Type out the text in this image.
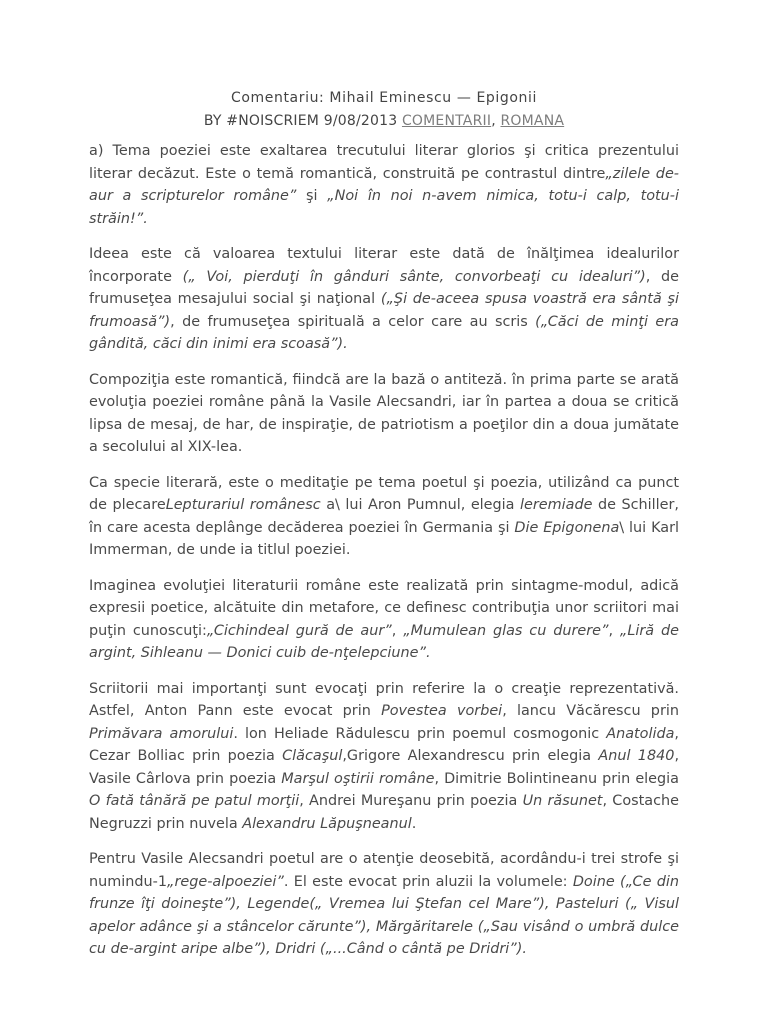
Comentariu: Mihail Eminescu — Epigonii
BY #NOISCRIEM 9/08/2013 COMENTARII, ROMANA

a) Tema poeziei este exaltarea trecutului literar glorios şi critica prezentului literar decăzut. Este o temă romantică, construită pe contrastul dintre„zilele de-aur a scripturelor române” şi „Noi în noi n-avem nimica, totu-i calp, totu-i străin!”.

Ideea este că valoarea textului literar este dată de înălţimea idealurilor încorporate („ Voi, pierduţi în gânduri sânte, convorbeaţi cu idealuri”), de frumuseţea mesajului social şi naţional („Şi de-aceea spusa voastră era sântă şi frumoasă”), de frumuseţea spirituală a celor care au scris („Căci de minţi era gândită, căci din inimi era scoasă”).

Compoziţia este romantică, fiindcă are la bază o antiteză. în prima parte se arată evoluţia poeziei române până la Vasile Alecsandri, iar în partea a doua se critică lipsa de mesaj, de har, de inspiraţie, de patriotism a poeţilor din a doua jumătate a secolului al XIX-lea.

Ca specie literară, este o meditaţie pe tema poetul şi poezia, utilizând ca punct de plecareLepturariul românesc a\ lui Aron Pumnul, elegia leremiade de Schiller, în care acesta deplânge decăderea poeziei în Germania şi Die Epigonena\ lui Karl Immerman, de unde ia titlul poeziei.

Imaginea evoluţiei literaturii române este realizată prin sintagme-modul, adică expresii poetice, alcătuite din metafore, ce definesc contribuţia unor scriitori mai puţin cunoscuţi:„Cichindeal gură de aur”, „Mumulean glas cu durere”, „Liră de argint, Sihleanu — Donici cuib de-nţelepciune”.

Scriitorii mai importanţi sunt evocaţi prin referire la o creaţie reprezentativă. Astfel, Anton Pann este evocat prin Povestea vorbei, lancu Văcărescu prin Primăvara amorului. lon Heliade Rădulescu prin poemul cosmogonic Anatolida, Cezar Bolliac prin poezia Clăcaşul,Grigore Alexandrescu prin elegia Anul 1840, Vasile Cârlova prin poezia Marşul oştirii române, Dimitrie Bolintineanu prin elegia O fată tânără pe patul morţii, Andrei Mureşanu prin poezia Un răsunet, Costache Negruzzi prin nuvela Alexandru Lăpuşneanul.

Pentru Vasile Alecsandri poetul are o atenţie deosebită, acordându-i trei strofe şi numindu-1„rege-alpoeziei”. El este evocat prin aluzii la volumele: Doine („Ce din frunze îţi doineşte”), Legende(„ Vremea lui Ştefan cel Mare”), Pasteluri („ Visul apelor adânce şi a stâncelor cărunte”), Mărgăritarele („Sau visând o umbră dulce cu de-argint aripe albe”), Dridri („...Când o cântă pe Dridri”).
